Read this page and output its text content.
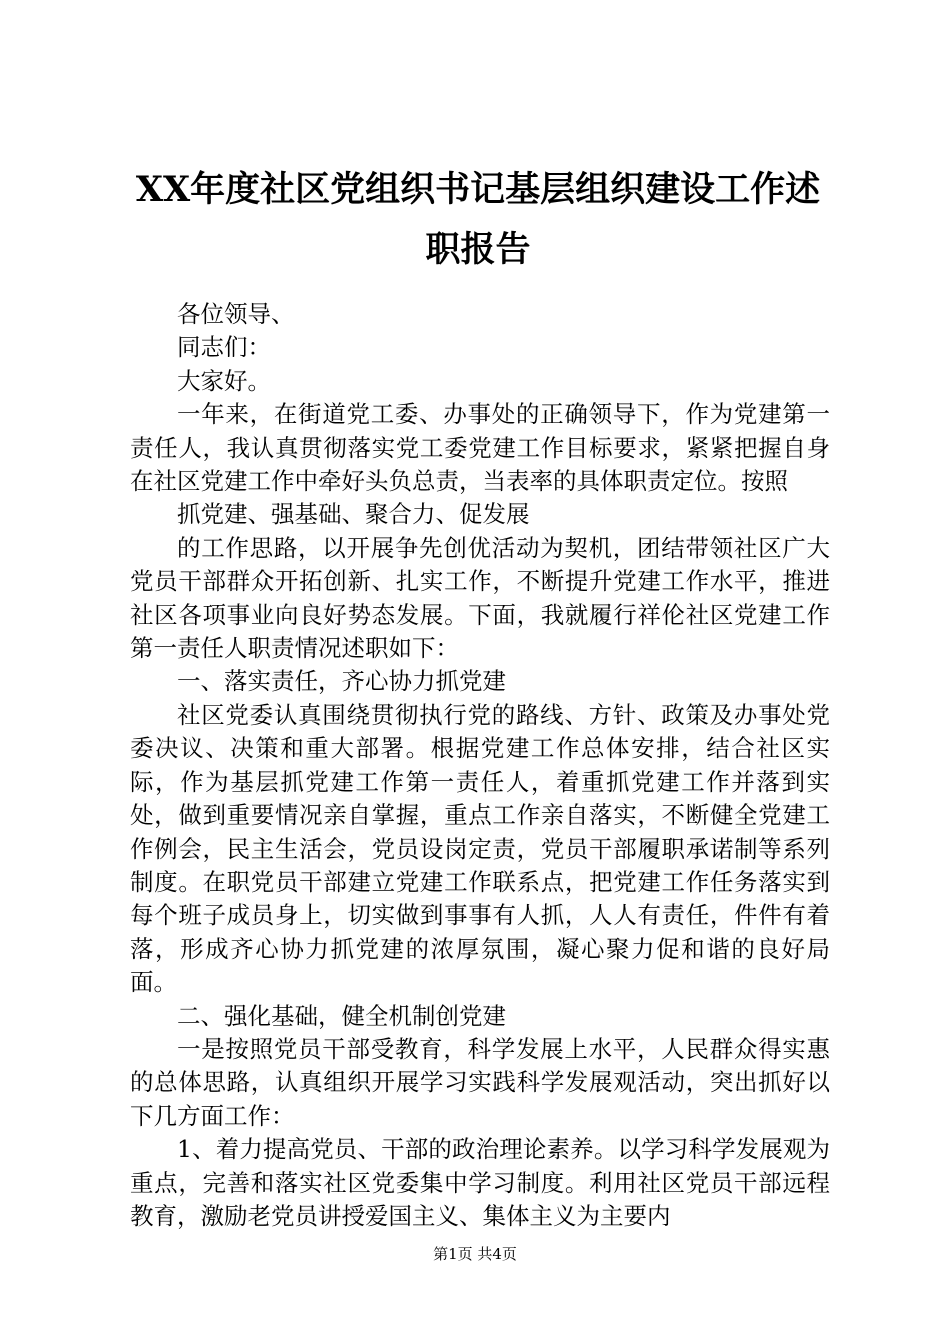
XX年度社区党组织书记基层组织建设工作述职报告

各位领导、

同志们：

大家好。

一年来，在街道党工委、办事处的正确领导下，作为党建第一责任人，我认真贯彻落实党工委党建工作目标要求，紧紧把握自身在社区党建工作中牵好头负总责，当表率的具体职责定位。按照

抓党建、强基础、聚合力、促发展

的工作思路，以开展争先创优活动为契机，团结带领社区广大党员干部群众开拓创新、扎实工作，不断提升党建工作水平，推进社区各项事业向良好势态发展。下面，我就履行祥伦社区党建工作第一责任人职责情况述职如下：

一、落实责任，齐心协力抓党建

社区党委认真围绕贯彻执行党的路线、方针、政策及办事处党委决议、决策和重大部署。根据党建工作总体安排，结合社区实际，作为基层抓党建工作第一责任人，着重抓党建工作并落到实处，做到重要情况亲自掌握，重点工作亲自落实，不断健全党建工作例会，民主生活会，党员设岗定责，党员干部履职承诺制等系列制度。在职党员干部建立党建工作联系点，把党建工作任务落实到每个班子成员身上，切实做到事事有人抓，人人有责任，件件有着落，形成齐心协力抓党建的浓厚氛围，凝心聚力促和谐的良好局面。

二、强化基础，健全机制创党建

一是按照党员干部受教育，科学发展上水平，人民群众得实惠的总体思路，认真组织开展学习实践科学发展观活动，突出抓好以下几方面工作：

1、着力提高党员、干部的政治理论素养。以学习科学发展观为重点，完善和落实社区党委集中学习制度。利用社区党员干部远程教育，激励老党员讲授爱国主义、集体主义为主要内

第1页 共4页
